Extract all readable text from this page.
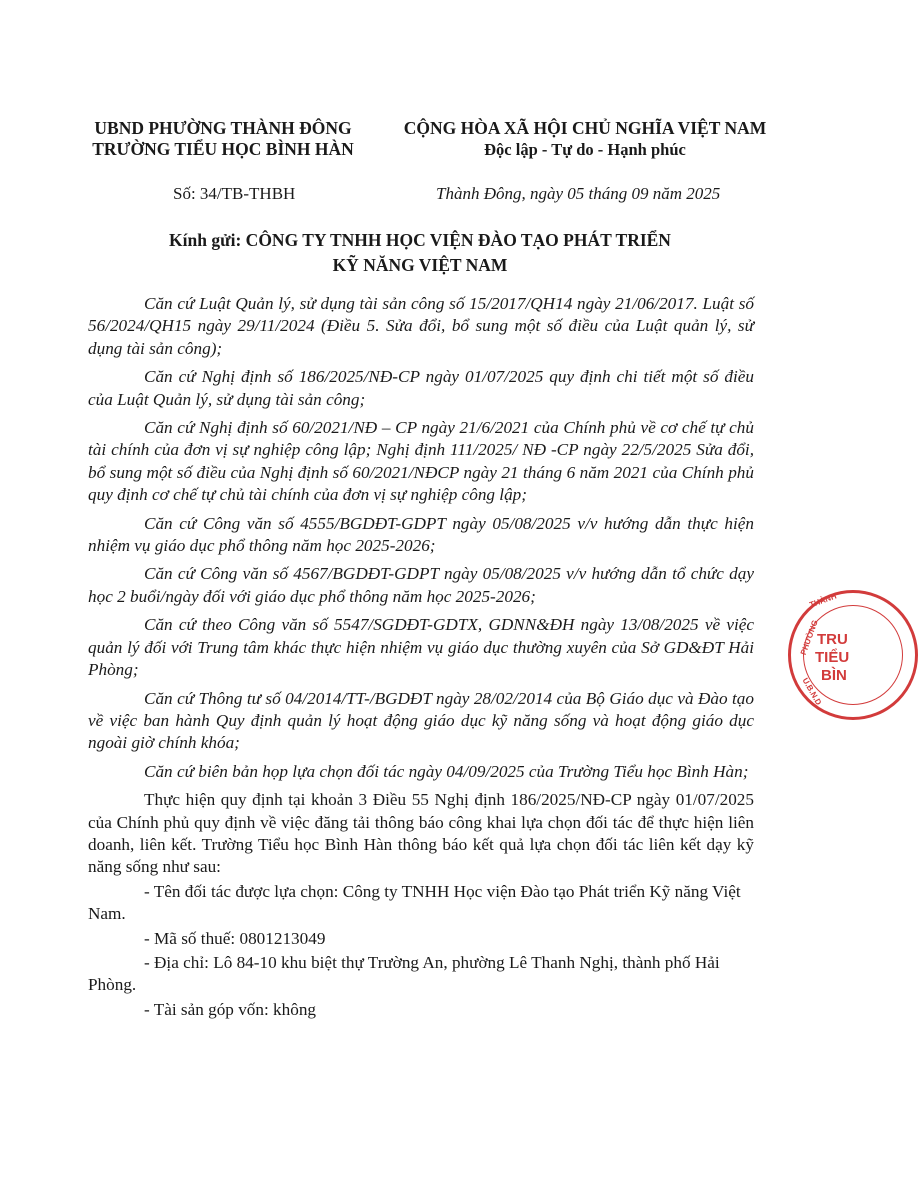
UBND PHƯỜNG THÀNH ĐÔNG
TRƯỜNG TIỂU HỌC BÌNH HÀN
CỘNG HÒA XÃ HỘI CHỦ NGHĨA VIỆT NAM
Độc lập - Tự do - Hạnh phúc
Số: 34/TB-THBH	Thành Đông, ngày 05 tháng 09 năm 2025
Kính gửi: CÔNG TY TNHH HỌC VIỆN ĐÀO TẠO PHÁT TRIỂN
KỸ NĂNG VIỆT NAM

Căn cứ Luật Quản lý, sử dụng tài sản công số 15/2017/QH14 ngày 21/06/2017. Luật số 56/2024/QH15 ngày 29/11/2024 (Điều 5. Sửa đổi, bổ sung một số điều của Luật quản lý, sử dụng tài sản công);

Căn cứ Nghị định số 186/2025/NĐ-CP ngày 01/07/2025 quy định chi tiết một số điều của Luật Quản lý, sử dụng tài sản công;

Căn cứ Nghị định số 60/2021/NĐ – CP ngày 21/6/2021 của Chính phủ về cơ chế tự chủ tài chính của đơn vị sự nghiệp công lập; Nghị định 111/2025/ NĐ -CP ngày 22/5/2025 Sửa đổi, bổ sung một số điều của Nghị định số 60/2021/NĐCP ngày 21 tháng 6 năm 2021 của Chính phủ quy định cơ chế tự chủ tài chính của đơn vị sự nghiệp công lập;

Căn cứ Công văn số 4555/BGDĐT-GDPT ngày 05/08/2025 v/v hướng dẫn thực hiện nhiệm vụ giáo dục phổ thông năm học 2025-2026;

Căn cứ Công văn số 4567/BGDĐT-GDPT ngày 05/08/2025 v/v hướng dẫn tổ chức dạy học 2 buổi/ngày đối với giáo dục phổ thông năm học 2025-2026;

Căn cứ theo Công văn số 5547/SGDĐT-GDTX, GDNN&ĐH ngày 13/08/2025 về việc quản lý đối với Trung tâm khác thực hiện nhiệm vụ giáo dục thường xuyên của Sở GD&ĐT Hải Phòng;

Căn cứ Thông tư số 04/2014/TT-/BGDĐT ngày 28/02/2014 của Bộ Giáo dục và Đào tạo về việc ban hành Quy định quản lý hoạt động giáo dục kỹ năng sống và hoạt động giáo dục ngoài giờ chính khóa;

Căn cứ biên bản họp lựa chọn đối tác ngày 04/09/2025 của Trường Tiểu học Bình Hàn;

Thực hiện quy định tại khoản 3 Điều 55 Nghị định 186/2025/NĐ-CP ngày 01/07/2025 của Chính phủ quy định về việc đăng tải thông báo công khai lựa chọn đối tác để thực hiện liên doanh, liên kết. Trường Tiểu học Bình Hàn thông báo kết quả lựa chọn đối tác liên kết dạy kỹ năng sống như sau:

- Tên đối tác được lựa chọn: Công ty TNHH Học viện Đào tạo Phát triển Kỹ năng Việt Nam.

- Mã số thuế: 0801213049

- Địa chỉ: Lô 84-10 khu biệt thự Trường An, phường Lê Thanh Nghị, thành phố Hải Phòng.

- Tài sản góp vốn: không

THÀNH
PHƯỜNG
U.B.N.D
TRU
TIỂU
BÌN
